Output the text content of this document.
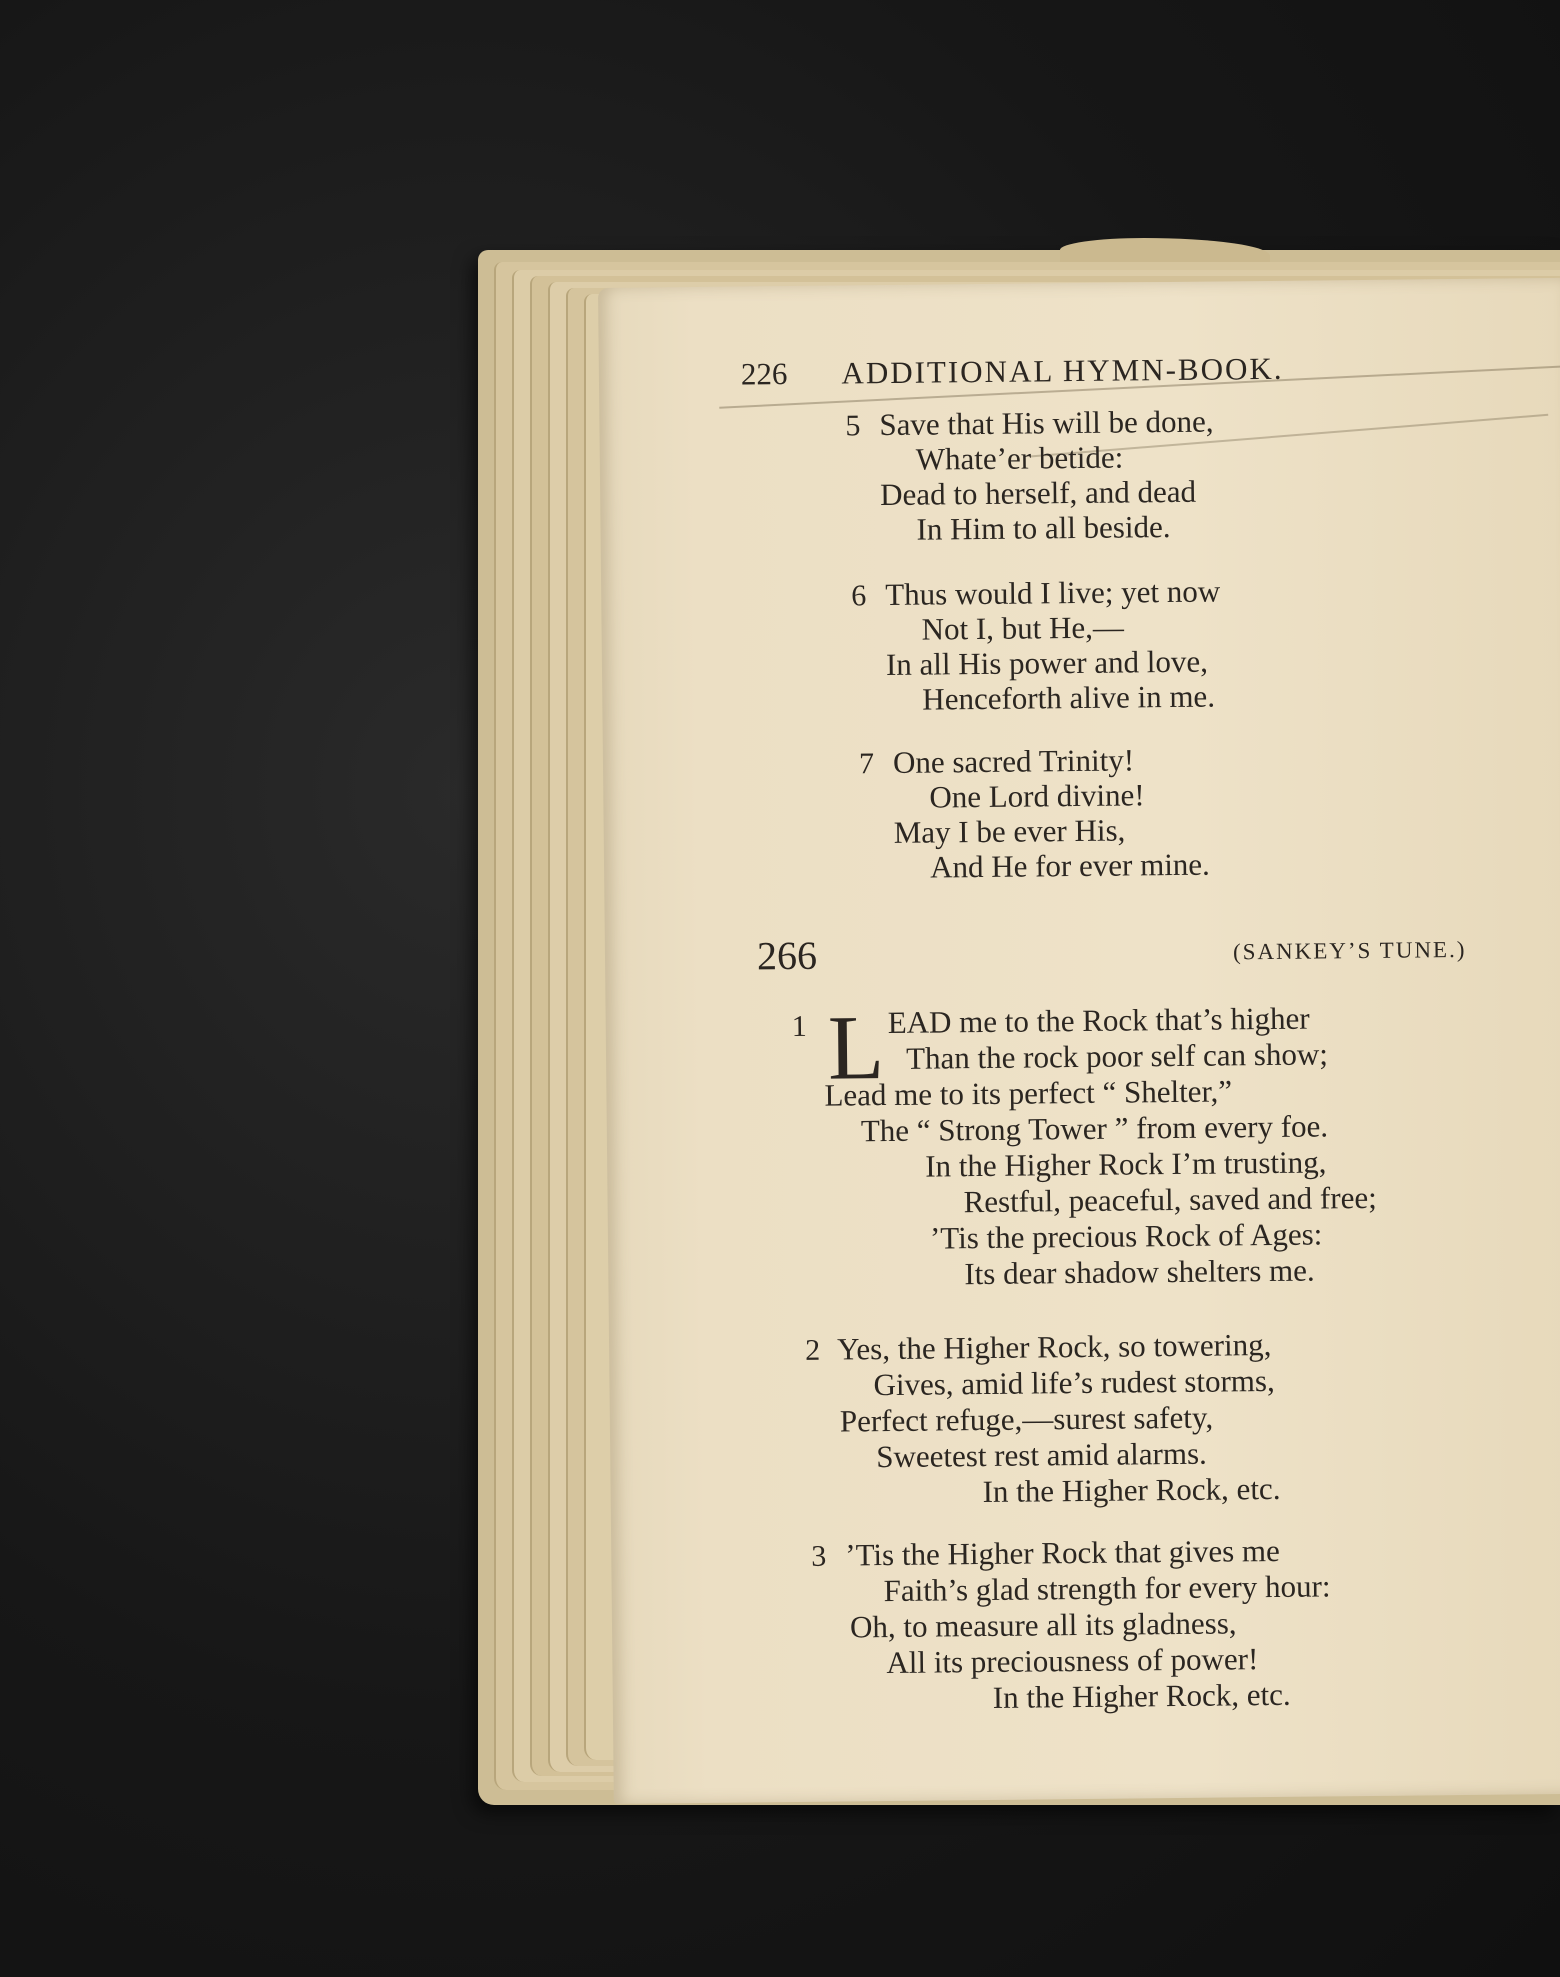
226 ADDITIONAL HYMN-BOOK.
5 Save that His will be done,
Whate’er betide:
Dead to herself, and dead
In Him to all beside.
6 Thus would I live; yet now
Not I, but He,—
In all His power and love,
Henceforth alive in me.
7 One sacred Trinity!
One Lord divine!
May I be ever His,
And He for ever mine.
266	(SANKEY’S TUNE.)
1 L EAD me to the Rock that’s higher
Than the rock poor self can show;
Lead me to its perfect “ Shelter,”
The “ Strong Tower ” from every foe.
In the Higher Rock I’m trusting,
Restful, peaceful, saved and free;
’Tis the precious Rock of Ages:
Its dear shadow shelters me.
2 Yes, the Higher Rock, so towering,
Gives, amid life’s rudest storms,
Perfect refuge,—surest safety,
Sweetest rest amid alarms.
In the Higher Rock, etc.
3 ’Tis the Higher Rock that gives me
Faith’s glad strength for every hour:
Oh, to measure all its gladness,
All its preciousness of power!
In the Higher Rock, etc.
